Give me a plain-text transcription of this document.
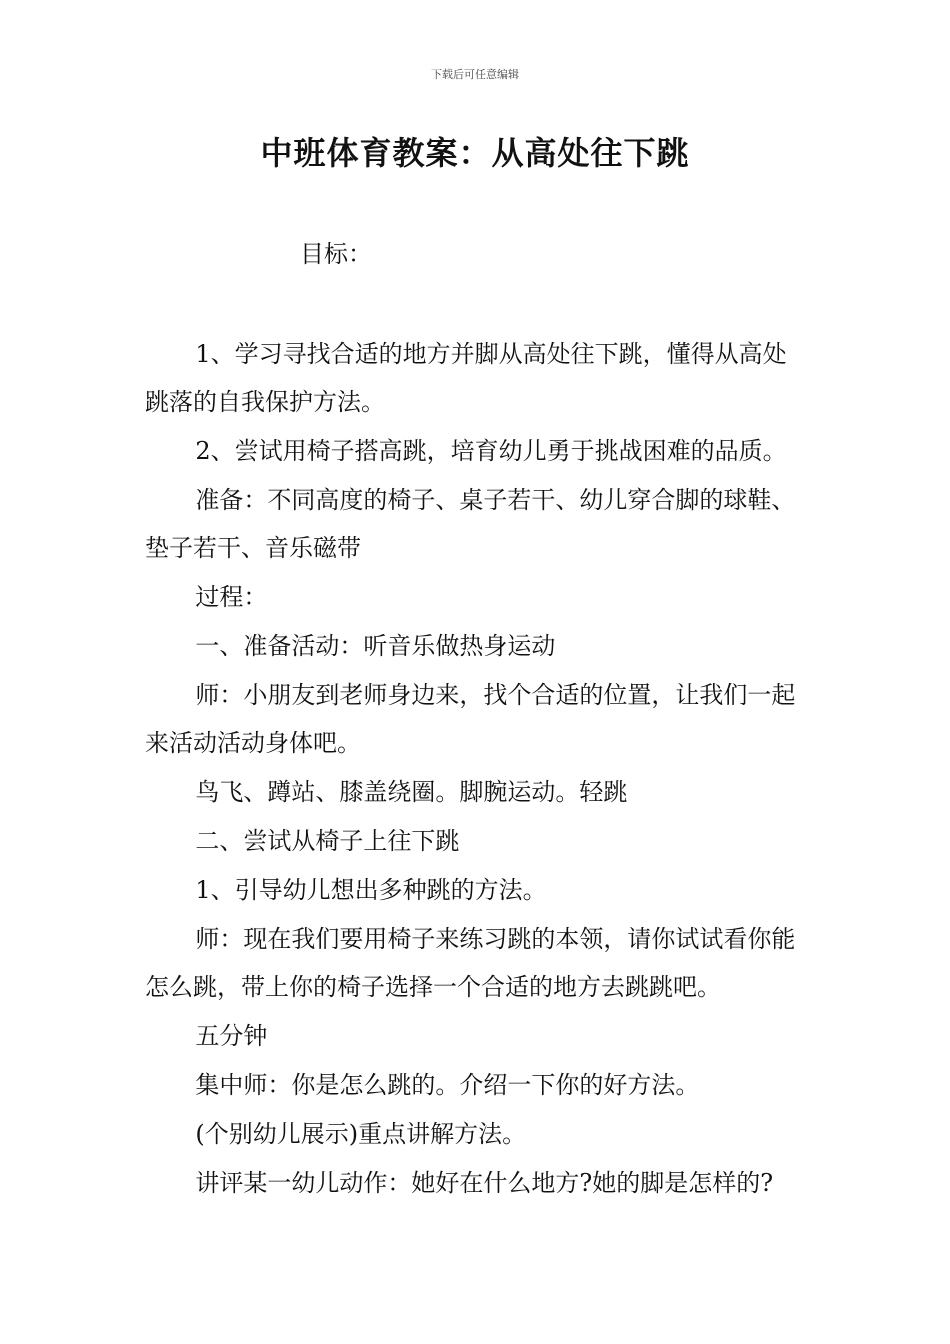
下载后可任意编辑
中班体育教案：从高处往下跳
目标：

1、学习寻找合适的地方并脚从高处往下跳，懂得从高处跳落的自我保护方法。

2、尝试用椅子搭高跳，培育幼儿勇于挑战困难的品质。

准备：不同高度的椅子、桌子若干、幼儿穿合脚的球鞋、垫子若干、音乐磁带

过程：

一、准备活动：听音乐做热身运动

师：小朋友到老师身边来，找个合适的位置，让我们一起来活动活动身体吧。

鸟飞、蹲站、膝盖绕圈。脚腕运动。轻跳

二、尝试从椅子上往下跳

1、引导幼儿想出多种跳的方法。

师：现在我们要用椅子来练习跳的本领，请你试试看你能怎么跳，带上你的椅子选择一个合适的地方去跳跳吧。

五分钟

集中师：你是怎么跳的。介绍一下你的好方法。

(个别幼儿展示)重点讲解方法。

讲评某一幼儿动作：她好在什么地方?她的脚是怎样的?
